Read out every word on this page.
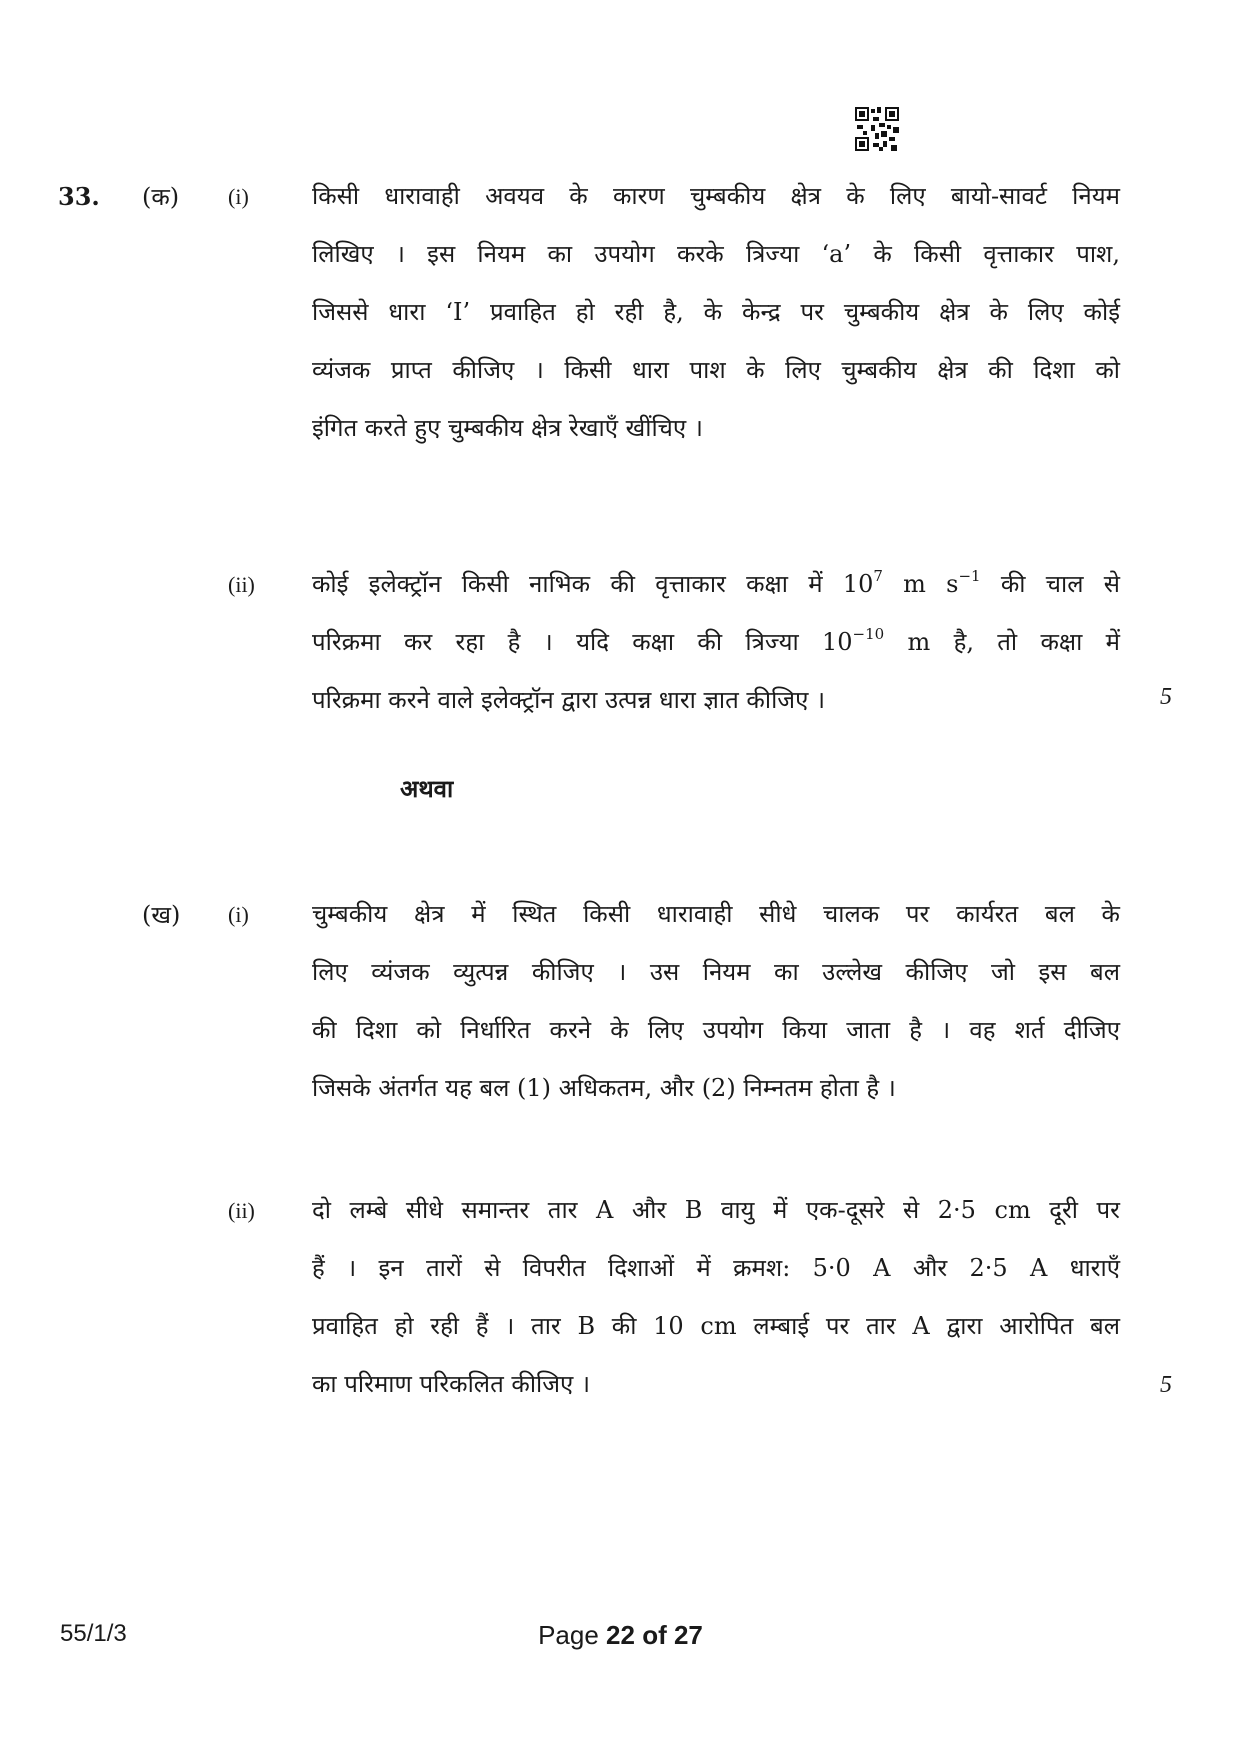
33. (क) (i)	किसी धारावाही अवयव के कारण चुम्बकीय क्षेत्र के लिए बायो-सावर्ट नियम
लिखिए । इस नियम का उपयोग करके त्रिज्या ‘a’ के किसी वृत्ताकार पाश,
जिससे धारा ‘I’ प्रवाहित हो रही है, के केन्द्र पर चुम्बकीय क्षेत्र के लिए कोई
व्यंजक प्राप्त कीजिए । किसी धारा पाश के लिए चुम्बकीय क्षेत्र की दिशा को
इंगित करते हुए चुम्बकीय क्षेत्र रेखाएँ खींचिए ।
(ii) कोई इलेक्ट्रॉन किसी नाभिक की वृत्ताकार कक्षा में $10^7$ m $s^{-1}$ की चाल से
परिक्रमा कर रहा है । यदि कक्षा की त्रिज्या $10^{-10}$ m है, तो कक्षा में
परिक्रमा करने वाले इलेक्ट्रॉन द्वारा उत्पन्न धारा ज्ञात कीजिए ।	5
अथवा
(ख) (i)	चुम्बकीय क्षेत्र में स्थित किसी धारावाही सीधे चालक पर कार्यरत बल के
लिए व्यंजक व्युत्पन्न कीजिए । उस नियम का उल्लेख कीजिए जो इस बल
की दिशा को निर्धारित करने के लिए उपयोग किया जाता है । वह शर्त दीजिए
जिसके अंतर्गत यह बल (1) अधिकतम, और (2) निम्नतम होता है ।
(ii) दो लम्बे सीधे समान्तर तार A और B वायु में एक-दूसरे से 2·5 cm दूरी पर
हैं । इन तारों से विपरीत दिशाओं में क्रमश: 5·0 A और 2·5 A धाराएँ
प्रवाहित हो रही हैं । तार B की 10 cm लम्बाई पर तार A द्वारा आरोपित बल
का परिमाण परिकलित कीजिए ।	5
55/1/3	Page 22 of 27
